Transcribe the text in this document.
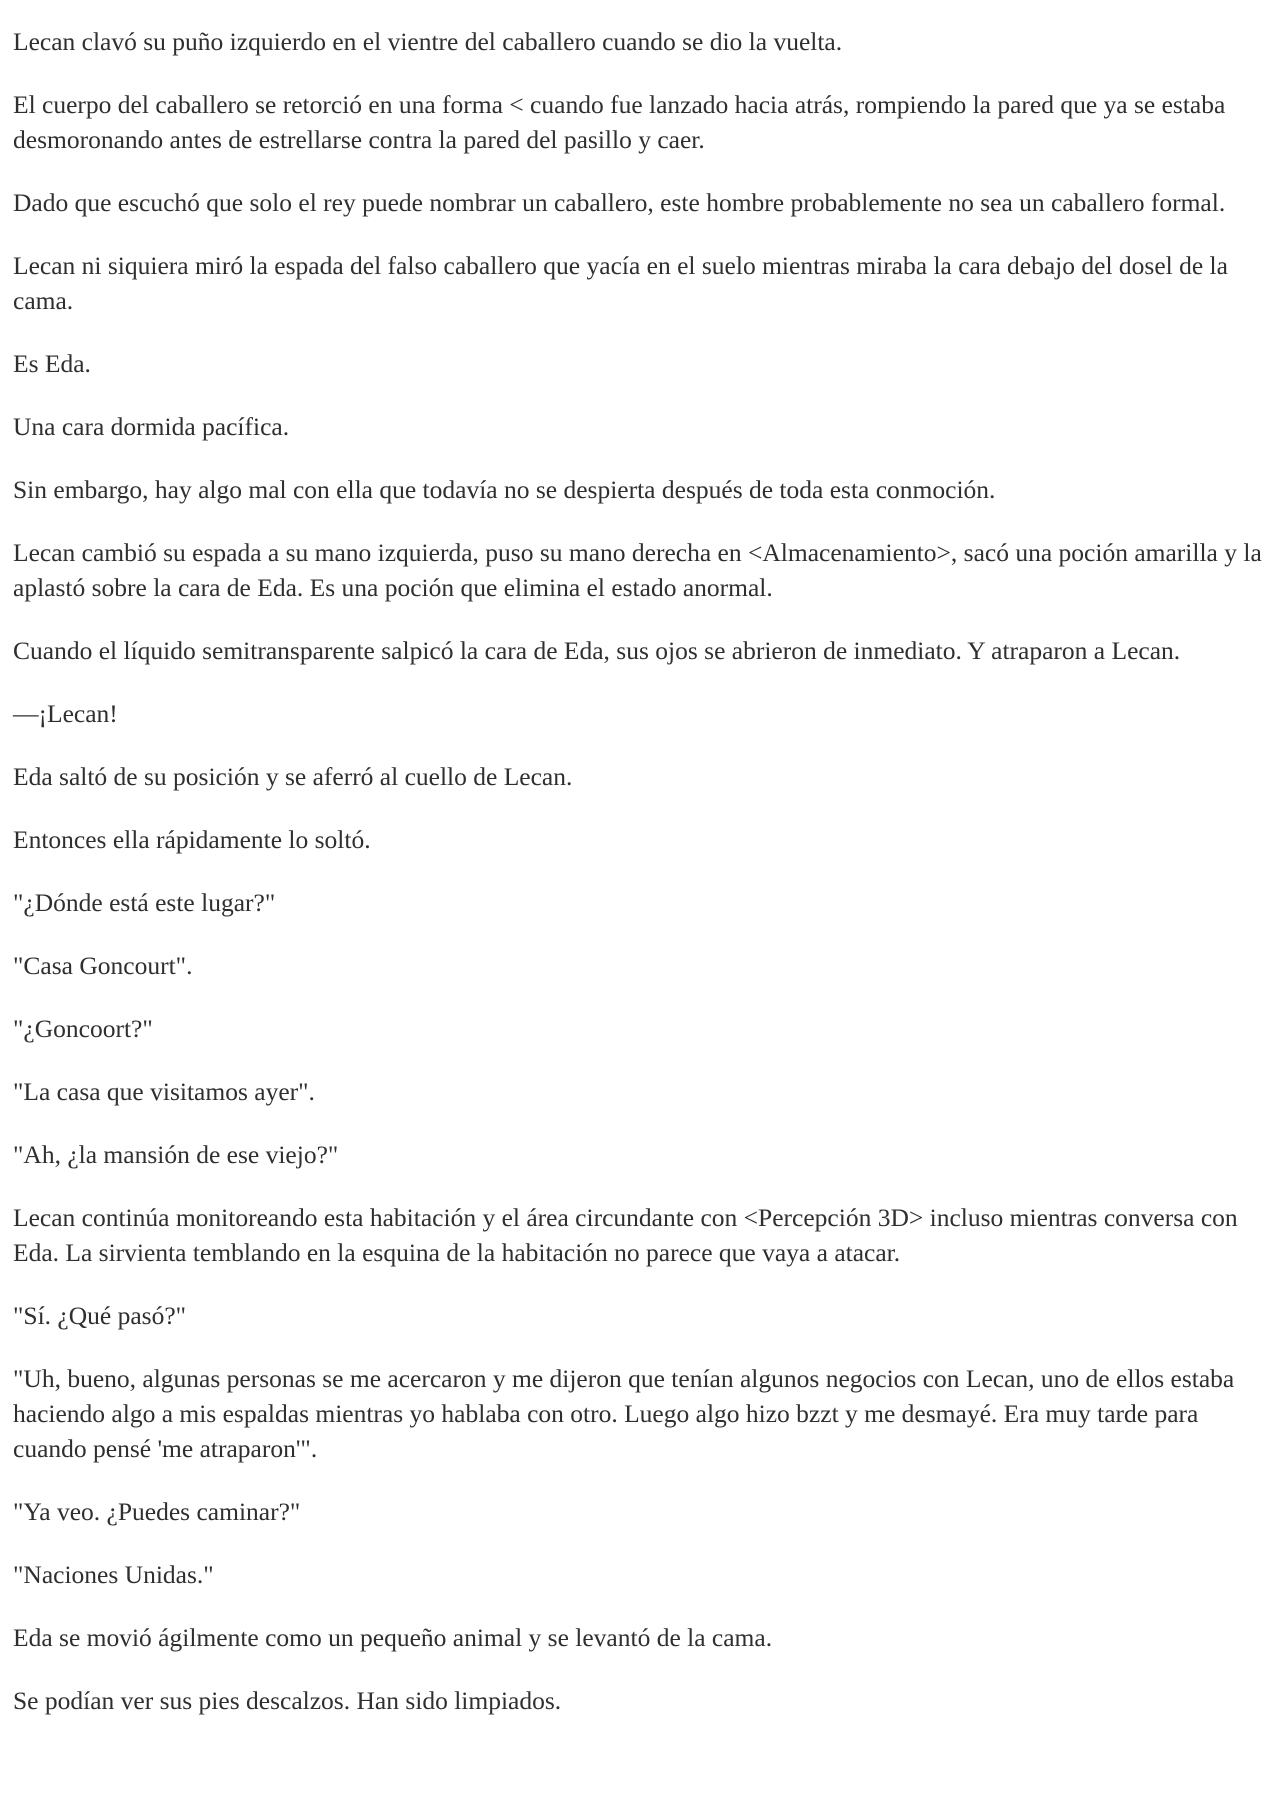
Lecan clavó su puño izquierdo en el vientre del caballero cuando se dio la vuelta.

El cuerpo del caballero se retorció en una forma < cuando fue lanzado hacia atrás, rompiendo la pared que ya se estaba desmoronando antes de estrellarse contra la pared del pasillo y caer.

Dado que escuchó que solo el rey puede nombrar un caballero, este hombre probablemente no sea un caballero formal.

Lecan ni siquiera miró la espada del falso caballero que yacía en el suelo mientras miraba la cara debajo del dosel de la cama.

Es Eda.

Una cara dormida pacífica.

Sin embargo, hay algo mal con ella que todavía no se despierta después de toda esta conmoción.

Lecan cambió su espada a su mano izquierda, puso su mano derecha en <Almacenamiento>, sacó una poción amarilla y la aplastó sobre la cara de Eda. Es una poción que elimina el estado anormal.

Cuando el líquido semitransparente salpicó la cara de Eda, sus ojos se abrieron de inmediato. Y atraparon a Lecan.

—¡Lecan!

Eda saltó de su posición y se aferró al cuello de Lecan.

Entonces ella rápidamente lo soltó.

"¿Dónde está este lugar?"

"Casa Goncourt".

"¿Goncoort?"

"La casa que visitamos ayer".

"Ah, ¿la mansión de ese viejo?"

Lecan continúa monitoreando esta habitación y el área circundante con <Percepción 3D> incluso mientras conversa con Eda. La sirvienta temblando en la esquina de la habitación no parece que vaya a atacar.

"Sí. ¿Qué pasó?"

"Uh, bueno, algunas personas se me acercaron y me dijeron que tenían algunos negocios con Lecan, uno de ellos estaba haciendo algo a mis espaldas mientras yo hablaba con otro. Luego algo hizo bzzt y me desmayé. Era muy tarde para cuando pensé 'me atraparon'".

"Ya veo. ¿Puedes caminar?"

"Naciones Unidas."

Eda se movió ágilmente como un pequeño animal y se levantó de la cama.

Se podían ver sus pies descalzos. Han sido limpiados.
